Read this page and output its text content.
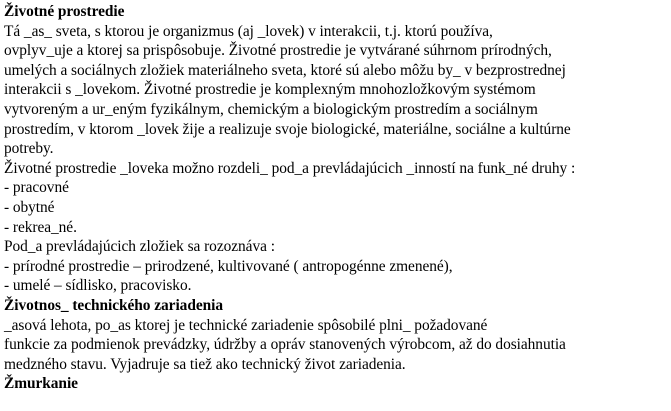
Životné prostredie
Tá _as_ sveta, s ktorou je organizmus (aj _lovek) v interakcii, t.j. ktorú používa,
ovplyv_uje a ktorej sa prispôsobuje. Životné prostredie je vytvárané súhrnom prírodných,
umelých a sociálnych zložiek materiálneho sveta, ktoré sú alebo môžu by_ v bezprostrednej
interakcii s _lovekom. Životné prostredie je komplexným mnohozložkovým systémom
vytvoreným a ur_eným fyzikálnym, chemickým a biologickým prostredím a sociálnym
prostredím, v ktorom _lovek žije a realizuje svoje biologické, materiálne, sociálne a kultúrne
potreby.
Životné prostredie _loveka možno rozdeli_ pod_a prevládajúcich _inností na funk_né druhy :
- pracovné
- obytné
- rekrea_né.
Pod_a prevládajúcich zložiek sa rozoznáva :
- prírodné prostredie – prirodzené, kultivované ( antropogénne zmenené),
- umelé – sídlisko, pracovisko.
Životnos_ technického zariadenia
_asová lehota, po_as ktorej je technické zariadenie spôsobilé plni_ požadované
funkcie za podmienok prevádzky, údržby a opráv stanovených výrobcom, až do dosiahnutia
medzného stavu. Vyjadruje sa tiež ako technický život zariadenia.
Žmurkanie
